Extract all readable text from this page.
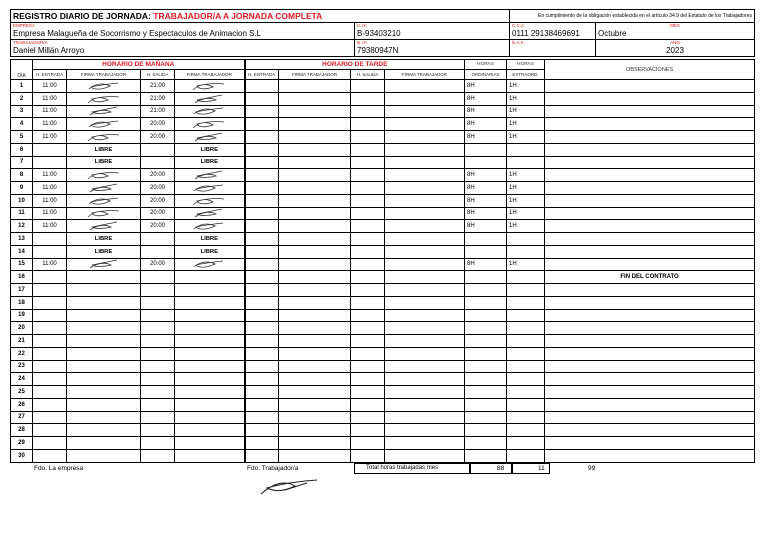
REGISTRO DIARIO DE JORNADA: TRABAJADOR/A A JORNADA COMPLETA		En cumplimiento de la obligación establecida en el artículo 34.9 del Estatuto de los Trabajadores	

EMPRESA
Empresa Malagueña de Socorrismo y Espectaculos de Animacion S.L	C.I.F.
B-93403210	C.C.C.
0111 29138469691	MES
Octubre

TRABAJADOR/A
Daniel Millán Arroyo	N.I.F.
79380947N	N.A.F.	AÑO
2023
DÍA	HORARIO DE MAÑANA				HORARIO DE TARDE				HORAS	HORAS	OBSERVACIONES
	H. ENTRADA	FIRMA TRABAJADOR	H. SALIDA	FIRMA TRABAJADOR	H. ENTRADA	FIRMA TRABAJADOR	H. SALIDA	FIRMA TRABAJADOR	ORDINARIAS	EXTRAORD.	
1	11:00		21:00						8H	1H	
2	11:00		21:00						8H	1H	
3	11:00		21:00						8H	1H	
4	11:00		20:00						8H	1H	
5	11:00		20:00						8H	1H	
6		LIBRE		LIBRE							
7		LIBRE		LIBRE							
8	11:00		20:00						8H	1H	
9	11:00		20:00						8H	1H	
10	11:00		20:00						8H	1H	
11	11:00		20:00						8H	1H	
12	11:00		20:00						8H	1H	
13		LIBRE		LIBRE							
14		LIBRE		LIBRE							
15	11:00		20:00						8H	1H	
16											FIN DEL CONTRATO
17											
18											
19											
20											
21											
22											
23											
24											
25											
26											
27											
28											
29											
30											
Fdo. La empresa	Fdo. Trabajador/a	Total horas trabajadas mes	88	11	99
